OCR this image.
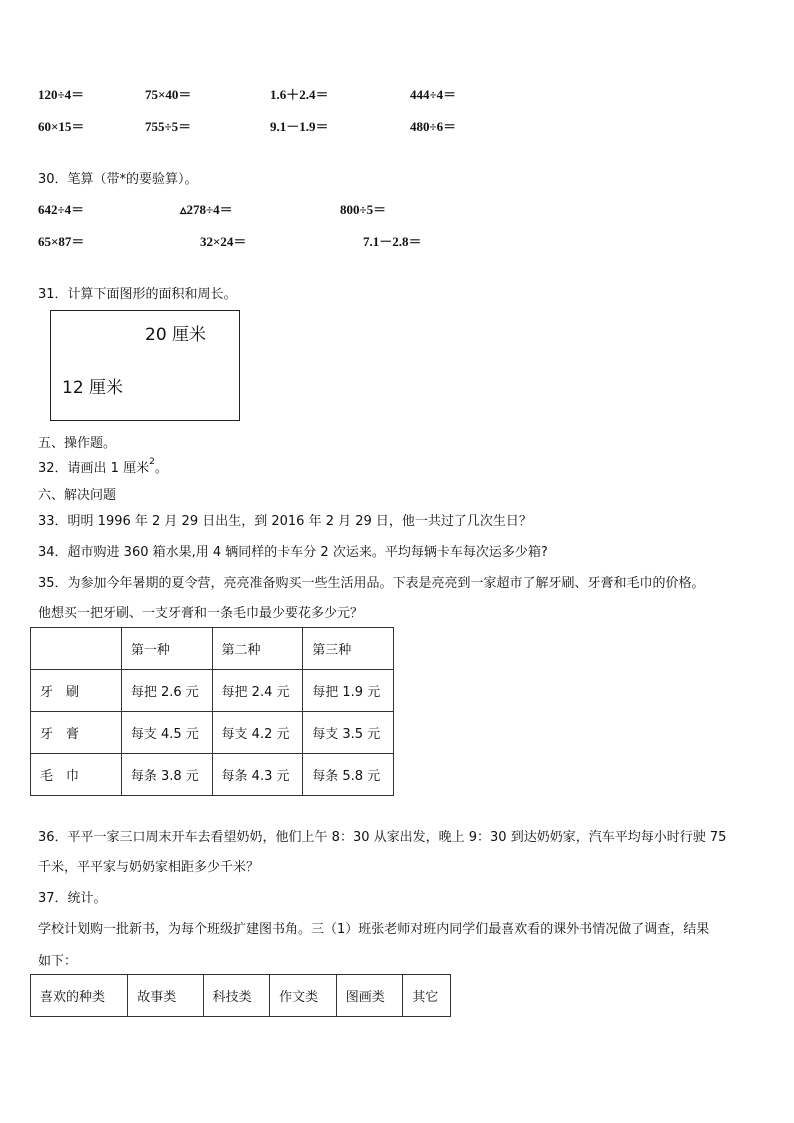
120÷4＝	75×40＝	1.6＋2.4＝	444÷4＝
60×15＝	755÷5＝	9.1－1.9＝	480÷6＝
30．笔算（带*的要验算）。
642÷4＝	▵278÷4＝	800÷5＝
65×87＝	32×24＝	7.1－2.8＝
31．计算下面图形的面积和周长。
20 厘米
12 厘米
五、操作题。
32．请画出 1 厘米$^2$。
六、解决问题
33．明明 1996 年 2 月 29 日出生，到 2016 年 2 月 29 日，他一共过了几次生日？
34．超市购进 360 箱水果,用 4 辆同样的卡车分 2 次运来。平均每辆卡车每次运多少箱?
35．为参加今年暑期的夏令营，亮亮准备购买一些生活用品。下表是亮亮到一家超市了解牙刷、牙膏和毛巾的价格。
他想买一把牙刷、一支牙膏和一条毛巾最少要花多少元？
	第一种	第二种	第三种
牙　刷	每把 2.6 元	每把 2.4 元	每把 1.9 元
牙　膏	每支 4.5 元	每支 4.2 元	每支 3.5 元
毛　巾	每条 3.8 元	每条 4.3 元	每条 5.8 元
36．平平一家三口周末开车去看望奶奶，他们上午 8：30 从家出发，晚上 9：30 到达奶奶家，汽车平均每小时行驶 75
千米，平平家与奶奶家相距多少千米？
37．统计。
学校计划购一批新书，为每个班级扩建图书角。三（1）班张老师对班内同学们最喜欢看的课外书情况做了调查，结果
如下：
喜欢的种类	故事类	科技类	作文类	图画类	其它
